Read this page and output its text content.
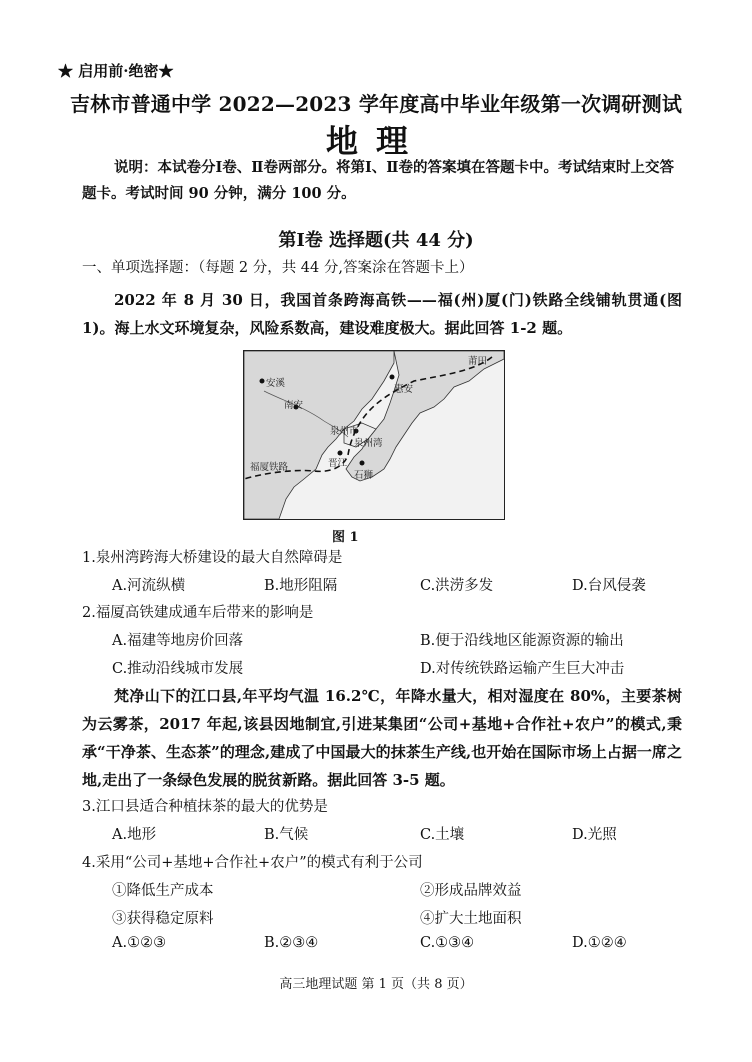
★ 启用前·绝密★
吉林市普通中学 2022—2023 学年度高中毕业年级第一次调研测试
地理
说明：本试卷分Ⅰ卷、Ⅱ卷两部分。将第Ⅰ、Ⅱ卷的答案填在答题卡中。考试结束时上交答题卡。考试时间 90 分钟，满分 100 分。
第Ⅰ卷 选择题(共 44 分)
一、单项选择题：（每题 2 分，共 44 分,答案涂在答题卡上）
2022 年 8 月 30 日，我国首条跨海高铁——福(州)厦(门)铁路全线铺轨贯通(图 1)。海上水文环境复杂，风险系数高，建设难度极大。据此回答 1-2 题。
安溪
南安
泉州市
泉州湾
晋江
石狮
惠安
莆田
福厦铁路
图 1
1.泉州湾跨海大桥建设的最大自然障碍是
A.河流纵横	B.地形阻隔	C.洪涝多发	D.台风侵袭
2.福厦高铁建成通车后带来的影响是
A.福建等地房价回落	B.便于沿线地区能源资源的输出
C.推动沿线城市发展	D.对传统铁路运输产生巨大冲击
梵净山下的江口县,年平均气温 16.2℃，年降水量大，相对湿度在 80%，主要茶树为云雾茶，2017 年起,该县因地制宜,引进某集团“公司+基地+合作社+农户”的模式,秉承“干净茶、生态茶”的理念,建成了中国最大的抹茶生产线,也开始在国际市场上占据一席之地,走出了一条绿色发展的脱贫新路。据此回答 3-5 题。
3.江口县适合种植抹茶的最大的优势是
A.地形	B.气候	C.土壤	D.光照
4.采用“公司+基地+合作社+农户”的模式有利于公司
①降低生产成本	②形成品牌效益
③获得稳定原料	④扩大土地面积
A.①②③	B.②③④	C.①③④	D.①②④
高三地理试题 第 1 页（共 8 页）
